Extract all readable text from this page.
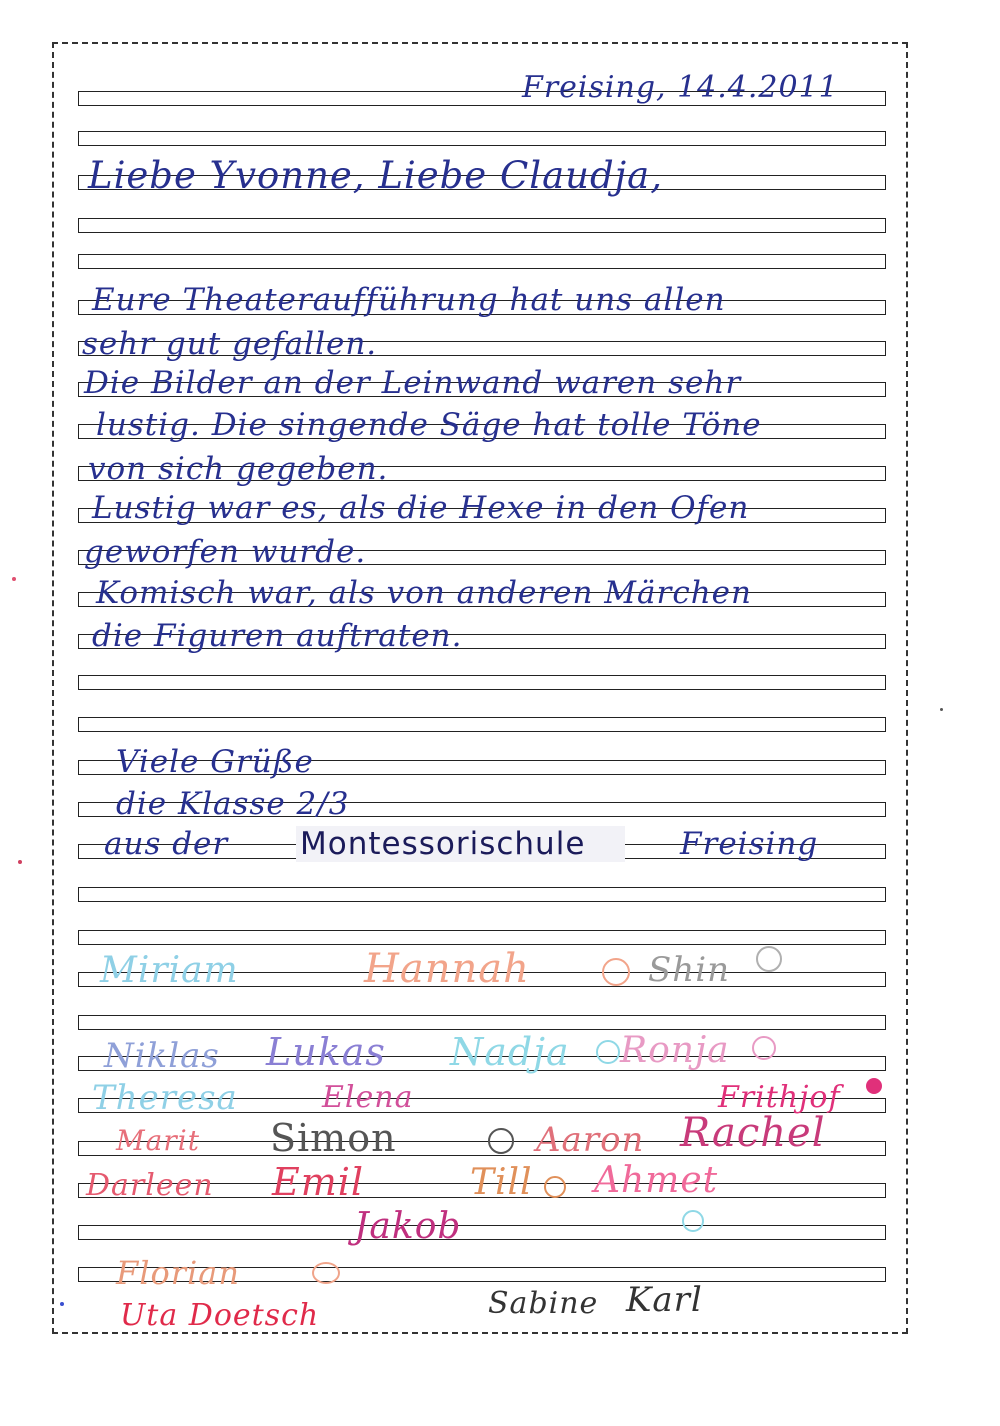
Freising, 14.4.2011
Liebe Yvonne, Liebe Claudja,
Eure Theateraufführung hat uns allen
sehr gut gefallen.
Die Bilder an der Leinwand waren sehr
lustig. Die singende Säge hat tolle Töne
von sich gegeben.
Lustig war es, als die Hexe in den Ofen
geworfen wurde.
Komisch war, als von anderen Märchen
die Figuren auftraten.
Viele Grüße
die Klasse 2/3
aus der Montessorischule	Freising
Miriam	Hannah	Shin
Niklas Lukas Nadja Ronja
Theresa	Elena	Frithjof
Marit Simon	Aaron Rachel
Darleen Emil	Till Ahmet
Jakob
Florian
Uta Doetsch	Sabine Karl
